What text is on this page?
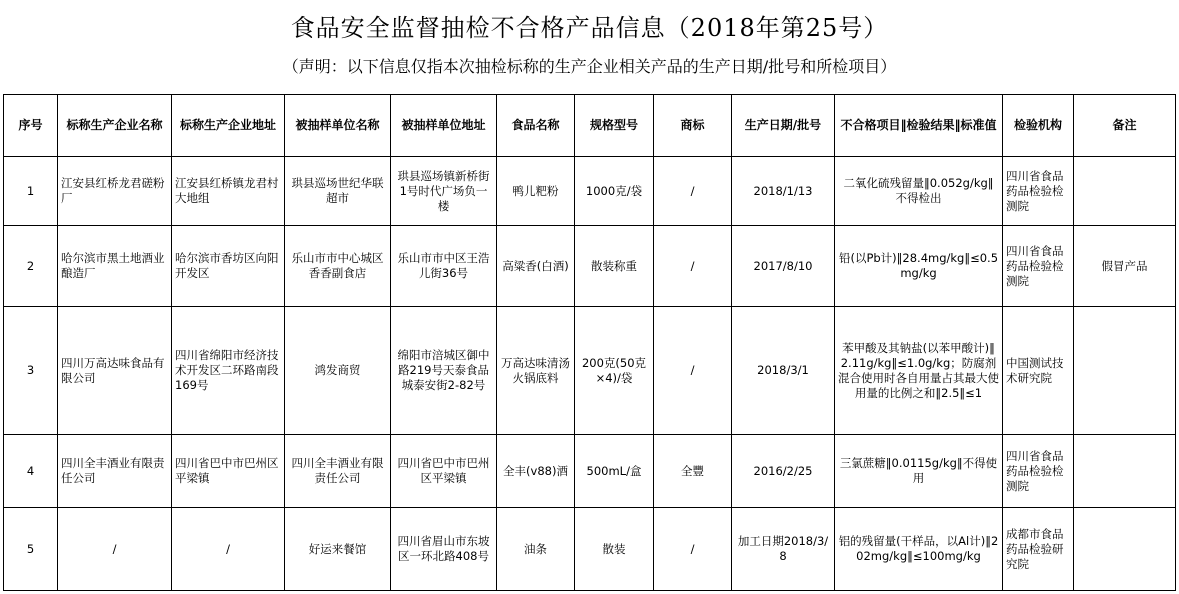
食品安全监督抽检不合格产品信息（2018年第25号）
（声明：以下信息仅指本次抽检标称的生产企业相关产品的生产日期/批号和所检项目）
序号	标称生产企业名称	标称生产企业地址	被抽样单位名称	被抽样单位地址	食品名称	规格型号	商标	生产日期/批号	不合格项目‖检验结果‖标准值	检验机构	备注
1	江安县红桥龙君磋粉厂	江安县红桥镇龙君村大地组	珙县巡场世纪华联超市	珙县巡场镇新桥街1号时代广场负一楼	鸭儿粑粉	1000克/袋	/	2018/1/13	二氧化硫残留量‖0.052g/kg‖不得检出	四川省食品药品检验检测院	
2	哈尔滨市黑土地酒业酿造厂	哈尔滨市香坊区向阳开发区	乐山市市中心城区香香副食店	乐山市市中区王浩儿街36号	高粱香(白酒)	散装称重	/	2017/8/10	铅(以Pb计)‖28.4mg/kg‖≤0.5mg/kg	四川省食品药品检验检测院	假冒产品
3	四川万高达味食品有限公司	四川省绵阳市经济技术开发区二环路南段169号	鸿发商贸	绵阳市涪城区御中路219号天泰食品城泰安街2-82号	万高达味清汤火锅底料	200克(50克×4)/袋	/	2018/3/1	苯甲酸及其钠盐(以苯甲酸计)‖2.11g/kg‖≤1.0g/kg；防腐剂混合使用时各自用量占其最大使用量的比例之和‖2.5‖≤1	中国测试技术研究院	
4	四川全丰酒业有限责任公司	四川省巴中市巴州区平梁镇	四川全丰酒业有限责任公司	四川省巴中市巴州区平梁镇	全丰(v88)酒	500mL/盒	全豐	2016/2/25	三氯蔗糖‖0.0115g/kg‖不得使用	四川省食品药品检验检测院	
5	/	/	好运来餐馆	四川省眉山市东坡区一环北路408号	油条	散装	/	加工日期2018/3/8	铝的残留量(干样品，以Al计)‖202mg/kg‖≤100mg/kg	成都市食品药品检验研究院	
